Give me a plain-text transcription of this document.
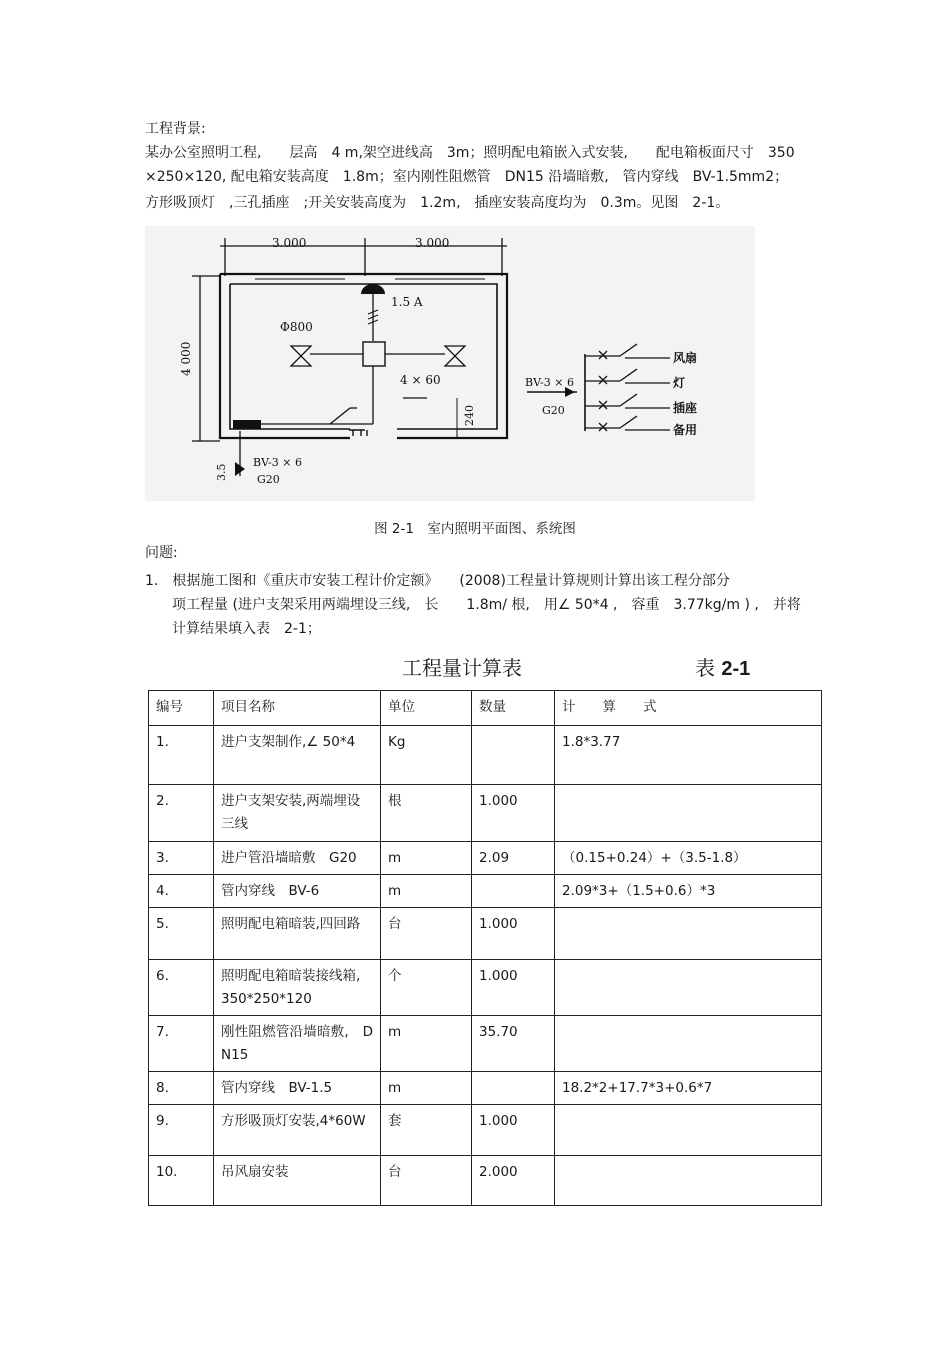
工程背景:
某办公室照明工程,　　层高　4 m,架空进线高　3m；照明配电箱嵌入式安装,　　配电箱板面尺寸　350
×250×120, 配电箱安装高度　1.8m；室内刚性阻燃管　DN15 沿墙暗敷,　管内穿线　BV-1.5mm2；
方形吸顶灯　,三孔插座　;开关安装高度为　1.2m,　插座安装高度均为　0.3m。见图　2-1。
3.000	3.000
4 000
1.5 A
Φ800
4 × 60
240
BV-3 × 6
G20
3.5
BV-3 × 6
G20
风扇
灯
插座
备用
图 2-1　室内照明平面图、系统图
问题:
1.　根据施工图和《重庆市安装工程计价定额》　　(2008)工程量计算规则计算出该工程分部分
项工程量 (进户支架采用两端埋设三线,　长　　1.8m/ 根,　用∠ 50*4 ,　容重　3.77kg/m ) ,　并将
计算结果填入表　2-1；
工程量计算表	表 2-1
编号	项目名称	单位	数量	计　　算　　式
1.	进户支架制作,∠ 50*4	Kg		1.8*3.77
2.	进户支架安装,两端埋设三线	根	1.000	
3.	进户管沿墙暗敷　G20	m	2.09	（0.15+0.24）+（3.5-1.8）
4.	管内穿线　BV-6	m		2.09*3+（1.5+0.6）*3
5.	照明配电箱暗装,四回路	台	1.000	
6.	照明配电箱暗装接线箱,　350*250*120	个	1.000	
7.	刚性阻燃管沿墙暗敷,　DN15	m	35.70	
8.	管内穿线　BV-1.5	m		18.2*2+17.7*3+0.6*7
9.	方形吸顶灯安装,4*60W	套	1.000	
10.	吊风扇安装	台	2.000	
